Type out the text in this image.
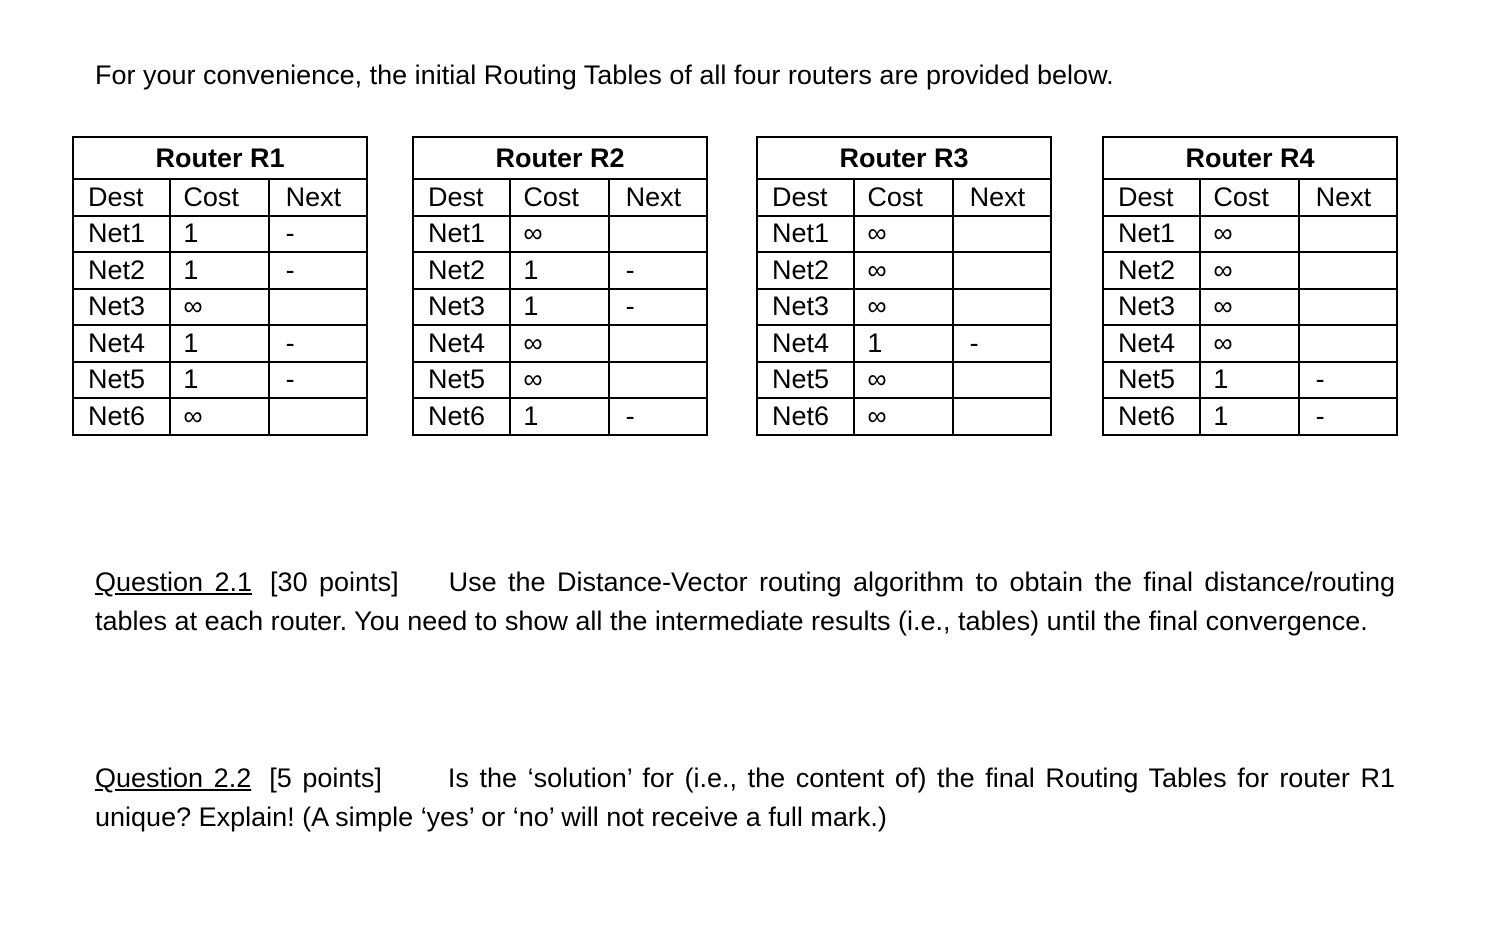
For your convenience, the initial Routing Tables of all four routers are provided below.
Router R1		
Dest	Cost	Next
Net1	1	-
Net2	1	-
Net3	∞	
Net4	1	-
Net5	1	-
Net6	∞	
Router R2		
Dest	Cost	Next
Net1	∞	
Net2	1	-
Net3	1	-
Net4	∞	
Net5	∞	
Net6	1	-
Router R3		
Dest	Cost	Next
Net1	∞	
Net2	∞	
Net3	∞	
Net4	1	-
Net5	∞	
Net6	∞	
Router R4		
Dest	Cost	Next
Net1	∞	
Net2	∞	
Net3	∞	
Net4	∞	
Net5	1	-
Net6	1	-
Question 2.1 [30 points] Use the Distance-Vector routing algorithm to obtain the final distance/routing tables at each router. You need to show all the intermediate results (i.e., tables) until the final convergence.
Question 2.2 [5 points] Is the ‘solution’ for (i.e., the content of) the final Routing Tables for router R1 unique? Explain! (A simple ‘yes’ or ‘no’ will not receive a full mark.)
